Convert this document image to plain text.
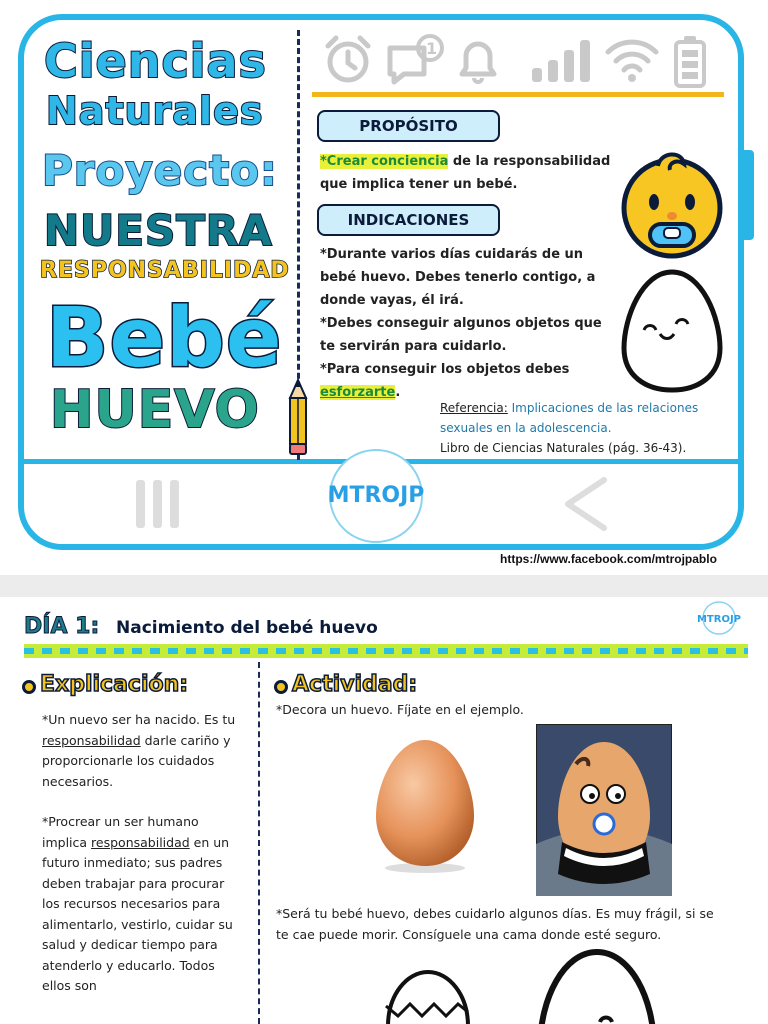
Ciencias
Naturales
Proyecto:
NUESTRA
RESPONSABILIDAD
Bebé
HUEVO
1
PROPÓSITO
*Crear conciencia de la responsabilidad que implica tener un bebé.
INDICACIONES
*Durante varios días cuidarás de un bebé huevo. Debes tenerlo contigo, a donde vayas, él irá.
*Debes conseguir algunos objetos que te servirán para cuidarlo.
*Para conseguir los objetos debes esforzarte.
Referencia: Implicaciones de las relaciones sexuales en la adolescencia.
Libro de Ciencias Naturales (pág. 36-43).
MTROJP
https://www.facebook.com/mtrojpablo
DÍA 1: Nacimiento del bebé huevo	MTROJP
Explicación:

*Un nuevo ser ha nacido. Es tu responsabilidad darle cariño y proporcionarle los cuidados necesarios.

*Procrear un ser humano implica responsabilidad en un futuro inmediato; sus padres deben trabajar para procurar los recursos necesarios para alimentarlo, vestirlo, cuidar su salud y dedicar tiempo para atenderlo y educarlo. Todos ellos son

Actividad:
*Decora un huevo. Fíjate en el ejemplo.
*Será tu bebé huevo, debes cuidarlo algunos días. Es muy frágil, si se te cae puede morir. Consíguele una cama donde esté seguro.
